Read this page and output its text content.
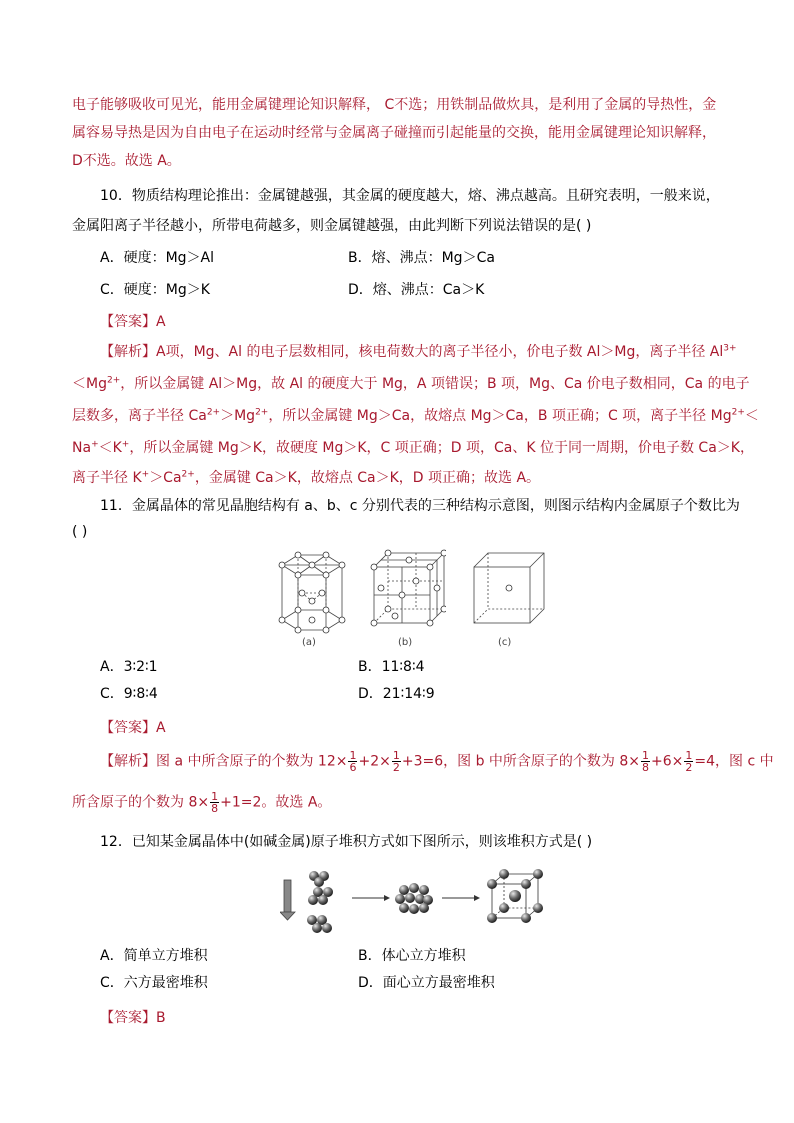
电子能够吸收可见光，能用金属键理论知识解释， C不选；用铁制品做炊具，是利用了金属的导热性，金
属容易导热是因为自由电子在运动时经常与金属离子碰撞而引起能量的交换，能用金属键理论知识解释，
D不选。故选 A。
10．物质结构理论推出：金属键越强，其金属的硬度越大，熔、沸点越高。且研究表明，一般来说，
金属阳离子半径越小，所带电荷越多，则金属键越强，由此判断下列说法错误的是( )
A．硬度：Mg＞Al	B．熔、沸点：Mg＞Ca
C．硬度：Mg＞K	D．熔、沸点：Ca＞K
【答案】A
【解析】A项，Mg、Al 的电子层数相同，核电荷数大的离子半径小，价电子数 Al＞Mg，离子半径 $Al^{3+}$
$<Mg^{2+}$，所以金属键 Al＞Mg，故 Al 的硬度大于 Mg，A 项错误；B 项，Mg、Ca 价电子数相同，Ca 的电子
层数多，离子半径 $Ca^{2+}>Mg^{2+}$，所以金属键 Mg＞Ca，故熔点 Mg＞Ca，B 项正确；C 项，离子半径 $Mg^{2+}<$
Na+＜K+，所以金属键 Mg＞K，故硬度 Mg＞K，C 项正确；D 项，Ca、K 位于同一周期，价电子数 Ca＞K，
离子半径 $K^+>Ca^{2+}$，金属键 Ca＞K，故熔点 Ca＞K，D 项正确；故选 A。
11．金属晶体的常见晶胞结构有 a、b、c 分别代表的三种结构示意图，则图示结构内金属原子个数比为
( )
(a)	(b)	(c)
A．3∶2∶1	B．11∶8∶4
C．9∶8∶4	D．21∶14∶9
【答案】A
【解析】图 a 中所含原子的个数为 $12\times \frac{1}{6} +2\times \frac{1}{2} +3=6$，图 b 中所含原子的个数为 $8\times \frac{1}{8} +6\times \frac{1}{2} =4$，图 c 中
所含原子的个数为 $8\times \frac{1}{8} +1=2$。故选 A。
12．已知某金属晶体中(如碱金属)原子堆积方式如下图所示，则该堆积方式是( )
A．简单立方堆积	B．体心立方堆积
C．六方最密堆积	D．面心立方最密堆积
【答案】B
